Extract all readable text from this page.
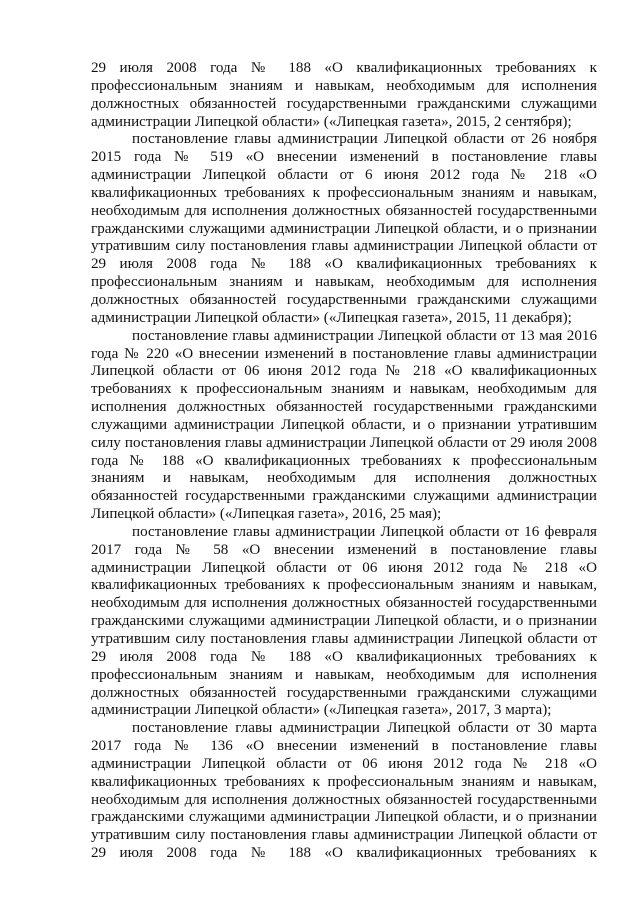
29 июля 2008 года № 188 «О квалификационных требованиях к профессиональным знаниям и навыкам, необходимым для исполнения должностных обязанностей государственными гражданскими служащими администрации Липецкой области» («Липецкая газета», 2015, 2 сентября);

постановление главы администрации Липецкой области от 26 ноября 2015 года № 519 «О внесении изменений в постановление главы администрации Липецкой области от 6 июня 2012 года № 218 «О квалификационных требованиях к профессиональным знаниям и навыкам, необходимым для исполнения должностных обязанностей государственными гражданскими служащими администрации Липецкой области, и о признании утратившим силу постановления главы администрации Липецкой области от 29 июля 2008 года № 188 «О квалификационных требованиях к профессиональным знаниям и навыкам, необходимым для исполнения должностных обязанностей государственными гражданскими служащими администрации Липецкой области» («Липецкая газета», 2015, 11 декабря);

постановление главы администрации Липецкой области от 13 мая 2016 года № 220 «О внесении изменений в постановление главы администрации Липецкой области от 06 июня 2012 года № 218 «О квалификационных требованиях к профессиональным знаниям и навыкам, необходимым для исполнения должностных обязанностей государственными гражданскими служащими администрации Липецкой области, и о признании утратившим силу постановления главы администрации Липецкой области от 29 июля 2008 года № 188 «О квалификационных требованиях к профессиональным знаниям и навыкам, необходимым для исполнения должностных обязанностей государственными гражданскими служащими администрации Липецкой области» («Липецкая газета», 2016, 25 мая);

постановление главы администрации Липецкой области от 16 февраля 2017 года № 58 «О внесении изменений в постановление главы администрации Липецкой области от 06 июня 2012 года № 218 «О квалификационных требованиях к профессиональным знаниям и навыкам, необходимым для исполнения должностных обязанностей государственными гражданскими служащими администрации Липецкой области, и о признании утратившим силу постановления главы администрации Липецкой области от 29 июля 2008 года № 188 «О квалификационных требованиях к профессиональным знаниям и навыкам, необходимым для исполнения должностных обязанностей государственными гражданскими служащими администрации Липецкой области» («Липецкая газета», 2017, 3 марта);

постановление главы администрации Липецкой области от 30 марта 2017 года № 136 «О внесении изменений в постановление главы администрации Липецкой области от 06 июня 2012 года № 218 «О квалификационных требованиях к профессиональным знаниям и навыкам, необходимым для исполнения должностных обязанностей государственными гражданскими служащими администрации Липецкой области, и о признании утратившим силу постановления главы администрации Липецкой области от 29 июля 2008 года № 188 «О квалификационных требованиях к
